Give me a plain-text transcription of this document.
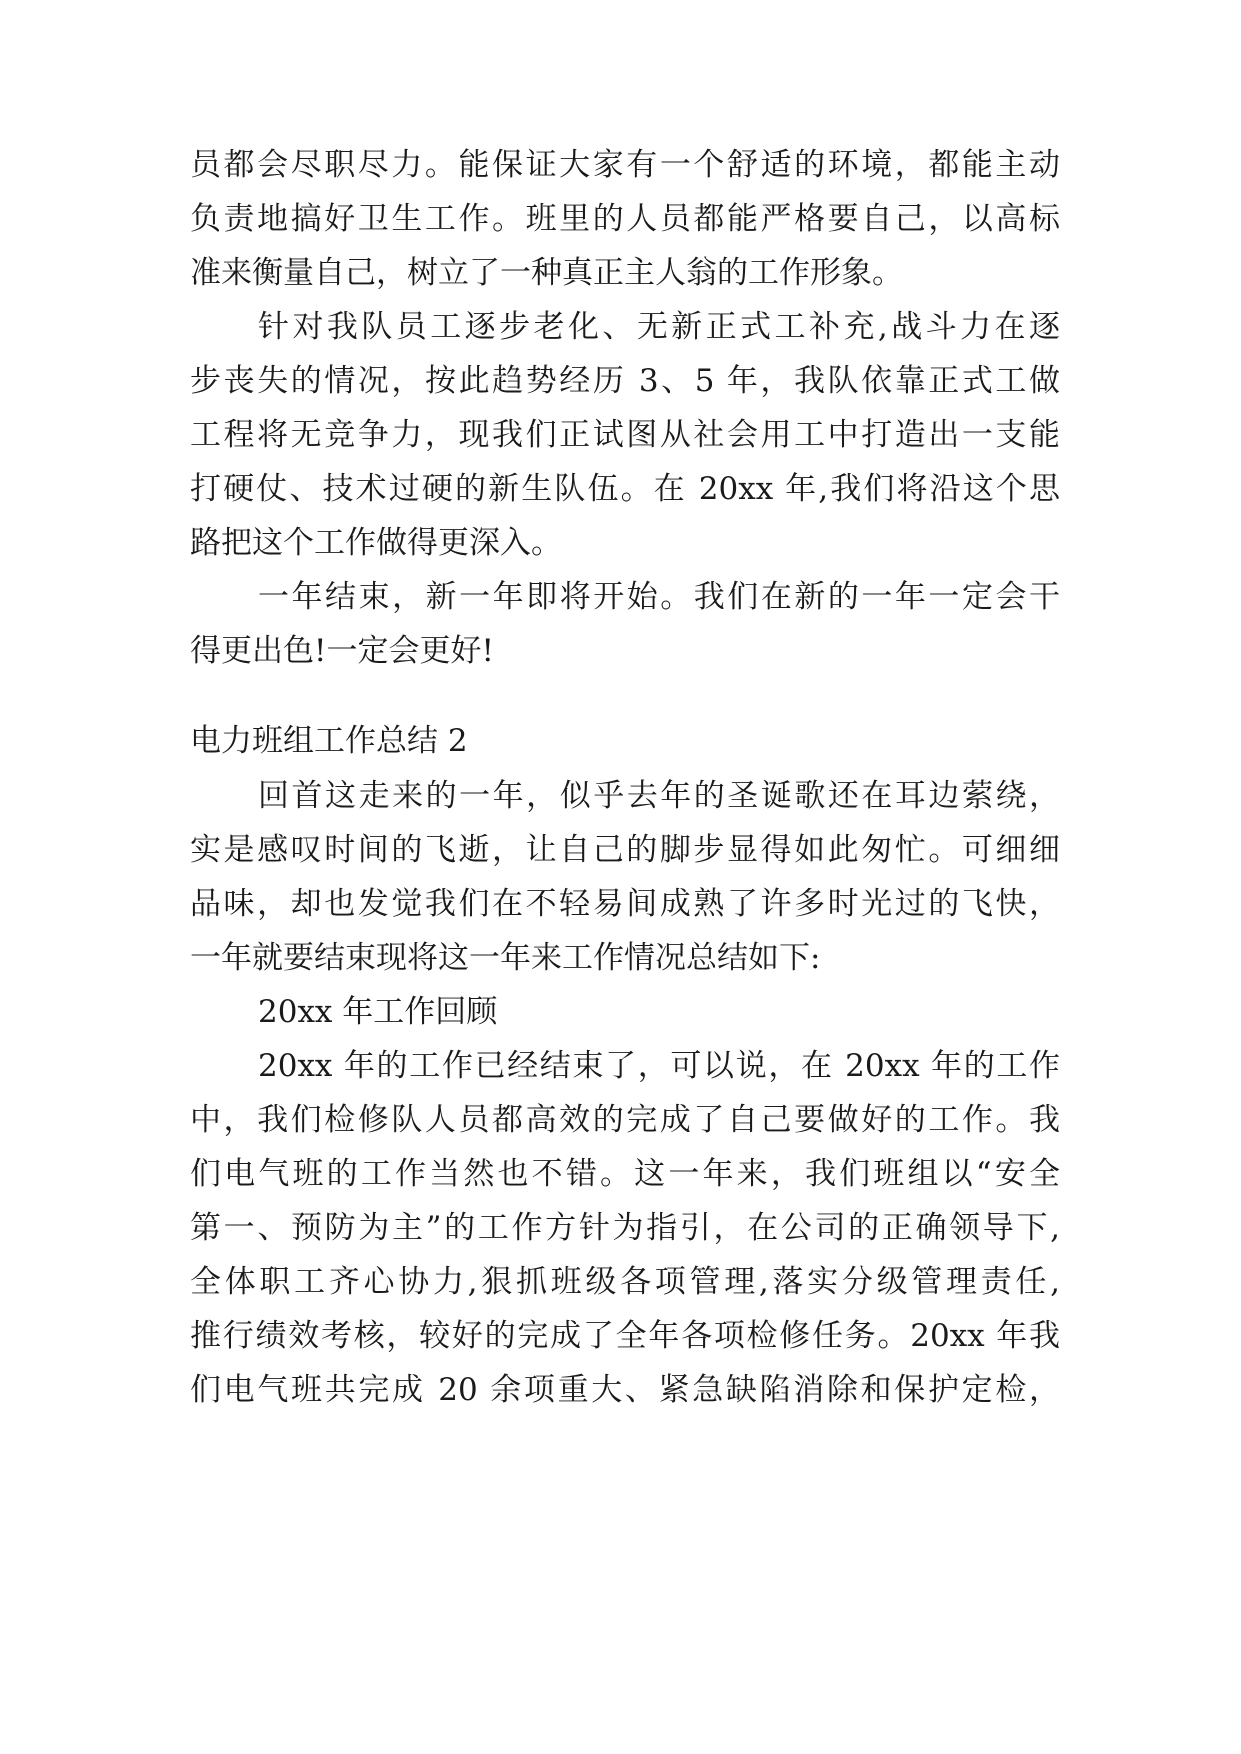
员都会尽职尽力。能保证大家有一个舒适的环境，都能主动
负责地搞好卫生工作。班里的人员都能严格要自己，以高标
准来衡量自己，树立了一种真正主人翁的工作形象。
针对我队员工逐步老化、无新正式工补充,战斗力在逐
步丧失的情况，按此趋势经历 3、5 年，我队依靠正式工做
工程将无竞争力，现我们正试图从社会用工中打造出一支能
打硬仗、技术过硬的新生队伍。在 20xx 年,我们将沿这个思
路把这个工作做得更深入。
一年结束，新一年即将开始。我们在新的一年一定会干
得更出色!一定会更好!
电力班组工作总结 2
回首这走来的一年，似乎去年的圣诞歌还在耳边萦绕，
实是感叹时间的飞逝，让自己的脚步显得如此匆忙。可细细
品味，却也发觉我们在不轻易间成熟了许多时光过的飞快，
一年就要结束现将这一年来工作情况总结如下:
20xx 年工作回顾
20xx 年的工作已经结束了，可以说，在 20xx 年的工作
中，我们检修队人员都高效的完成了自己要做好的工作。我
们电气班的工作当然也不错。这一年来，我们班组以“安全
第一、预防为主”的工作方针为指引，在公司的正确领导下,
全体职工齐心协力,狠抓班级各项管理,落实分级管理责任,
推行绩效考核，较好的完成了全年各项检修任务。20xx 年我
们电气班共完成 20 余项重大、紧急缺陷消除和保护定检，
